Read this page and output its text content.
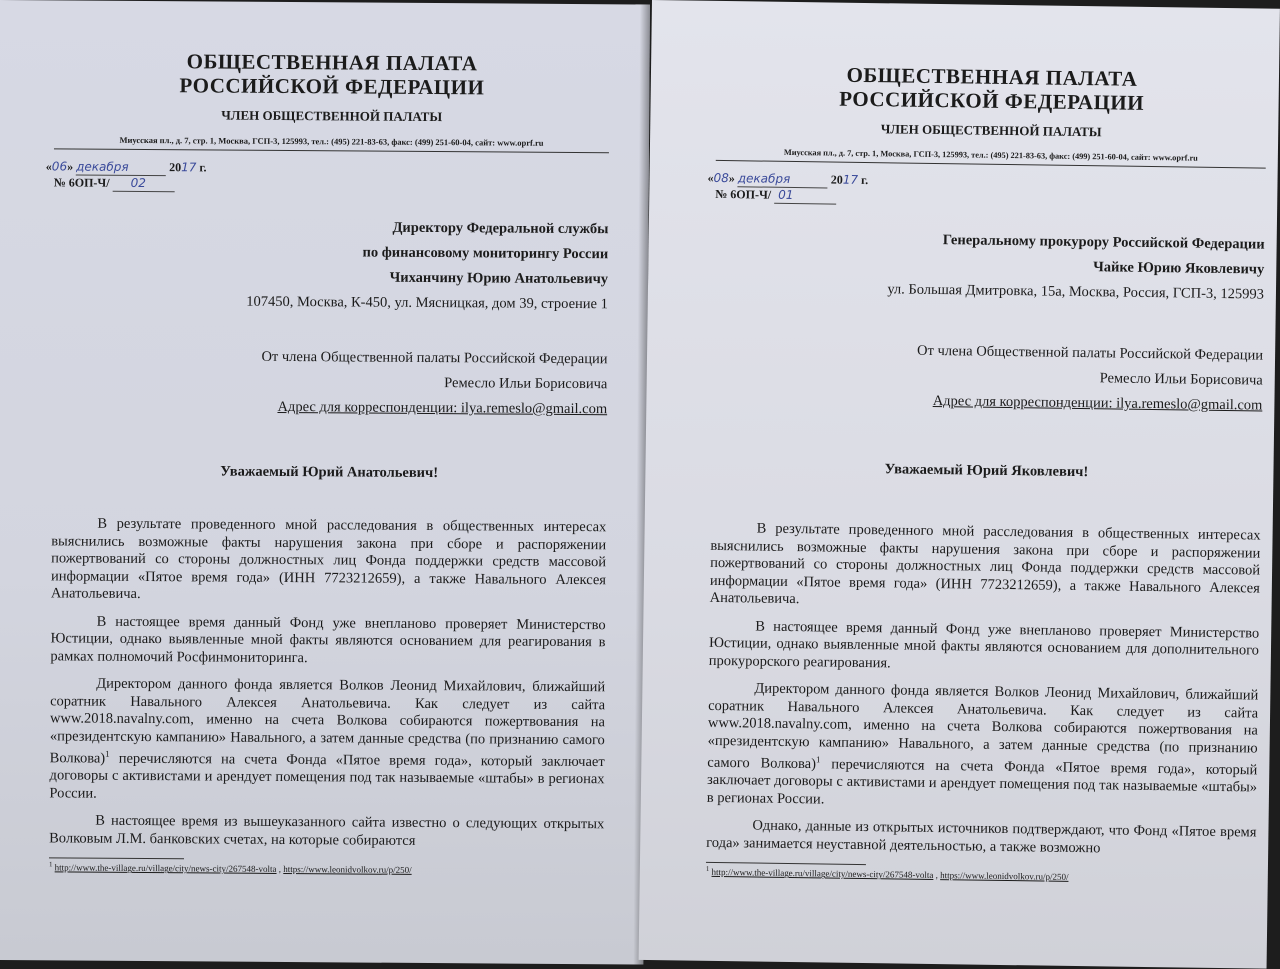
ОБЩЕСТВЕННАЯ ПАЛАТА
РОССИЙСКОЙ ФЕДЕРАЦИИ
ЧЛЕН ОБЩЕСТВЕННОЙ ПАЛАТЫ
Миусская пл., д. 7, стр. 1, Москва, ГСП-3, 125993, тел.: (495) 221-83-63, факс: (499) 251-60-04, сайт: www.oprf.ru
«06» декабря	2017 г.
№ 6ОП-Ч/ 02
Директору Федеральной службы
по финансовому мониторингу России
Чиханчину Юрию Анатольевичу
107450, Москва, К-450, ул. Мясницкая, дом 39, строение 1
От члена Общественной палаты Российской Федерации
Ремесло Ильи Борисовича
Адрес для корреспонденции: ilya.remeslo@gmail.com
Уважаемый Юрий Анатольевич!

В результате проведенного мной расследования в общественных интересах выяснились возможные факты нарушения закона при сборе и распоряжении пожертвований со стороны должностных лиц Фонда поддержки средств массовой информации «Пятое время года» (ИНН 7723212659), а также Навального Алексея Анатольевича.

В настоящее время данный Фонд уже внепланово проверяет Министерство Юстиции, однако выявленные мной факты являются основанием для реагирования в рамках полномочий Росфинмониторинга.

Директором данного фонда является Волков Леонид Михайлович, ближайший соратник Навального Алексея Анатольевича. Как следует из сайта www.2018.navalny.com, именно на счета Волкова собираются пожертвования на «президентскую кампанию» Навального, а затем данные средства (по признанию самого Волкова)$^1$ перечисляются на счета Фонда «Пятое время года», который заключает договоры с активистами и арендует помещения под так называемые «штабы» в регионах России.

В настоящее время из вышеуказанного сайта известно о следующих открытых Волковым Л.М. банковских счетах, на которые собираются

$^1$ http://www.the-village.ru/village/city/news-city/267548-volta , https://www.leonidvolkov.ru/p/250/
ОБЩЕСТВЕННАЯ ПАЛАТА
РОССИЙСКОЙ ФЕДЕРАЦИИ
ЧЛЕН ОБЩЕСТВЕННОЙ ПАЛАТЫ
Миусская пл., д. 7, стр. 1, Москва, ГСП-3, 125993, тел.: (495) 221-83-63, факс: (499) 251-60-04, сайт: www.oprf.ru
«08» декабря	2017 г.
№ 6ОП-Ч/ 01
Генеральному прокурору Российской Федерации
Чайке Юрию Яковлевичу
ул. Большая Дмитровка, 15а, Москва, Россия, ГСП-3, 125993
От члена Общественной палаты Российской Федерации
Ремесло Ильи Борисовича
Адрес для корреспонденции: ilya.remeslo@gmail.com
Уважаемый Юрий Яковлевич!

В результате проведенного мной расследования в общественных интересах выяснились возможные факты нарушения закона при сборе и распоряжении пожертвований со стороны должностных лиц Фонда поддержки средств массовой информации «Пятое время года» (ИНН 7723212659), а также Навального Алексея Анатольевича.

В настоящее время данный Фонд уже внепланово проверяет Министерство Юстиции, однако выявленные мной факты являются основанием для дополнительного прокурорского реагирования.

Директором данного фонда является Волков Леонид Михайлович, ближайший соратник Навального Алексея Анатольевича. Как следует из сайта www.2018.navalny.com, именно на счета Волкова собираются пожертвования на «президентскую кампанию» Навального, а затем данные средства (по признанию самого Волкова)$^1$ перечисляются на счета Фонда «Пятое время года», который заключает договоры с активистами и арендует помещения под так называемые «штабы» в регионах России.

Однако, данные из открытых источников подтверждают, что Фонд «Пятое время года» занимается неуставной деятельностью, а также возможно

$^1$ http://www.the-village.ru/village/city/news-city/267548-volta , https://www.leonidvolkov.ru/p/250/
